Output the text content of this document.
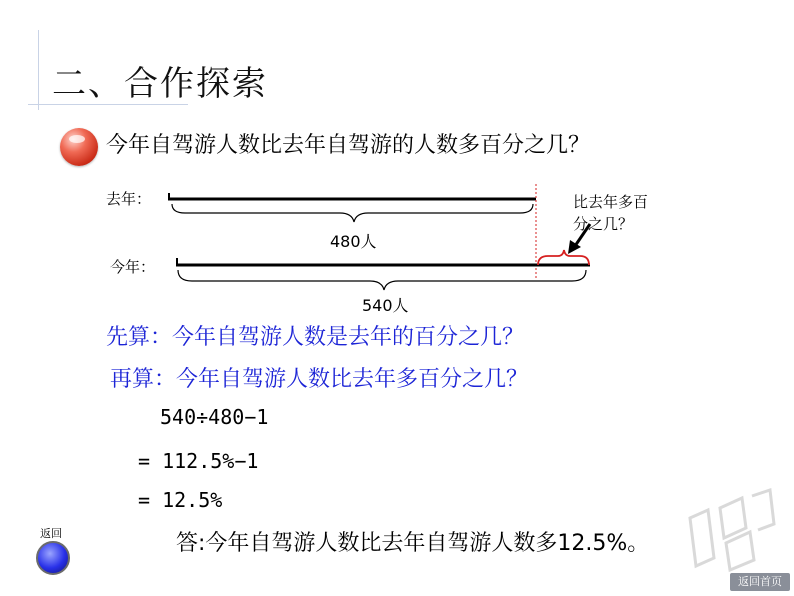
二、合作探索
今年自驾游人数比去年自驾游的人数多百分之几？
去年：
今年：
480人
540人
比去年多百
分之几？
先算：今年自驾游人数是去年的百分之几？
再算：今年自驾游人数比去年多百分之几？
540÷480−1
= 112.5%−1
= 12.5%
答:今年自驾游人数比去年自驾游人数多12.5%。
返回
返回首页
